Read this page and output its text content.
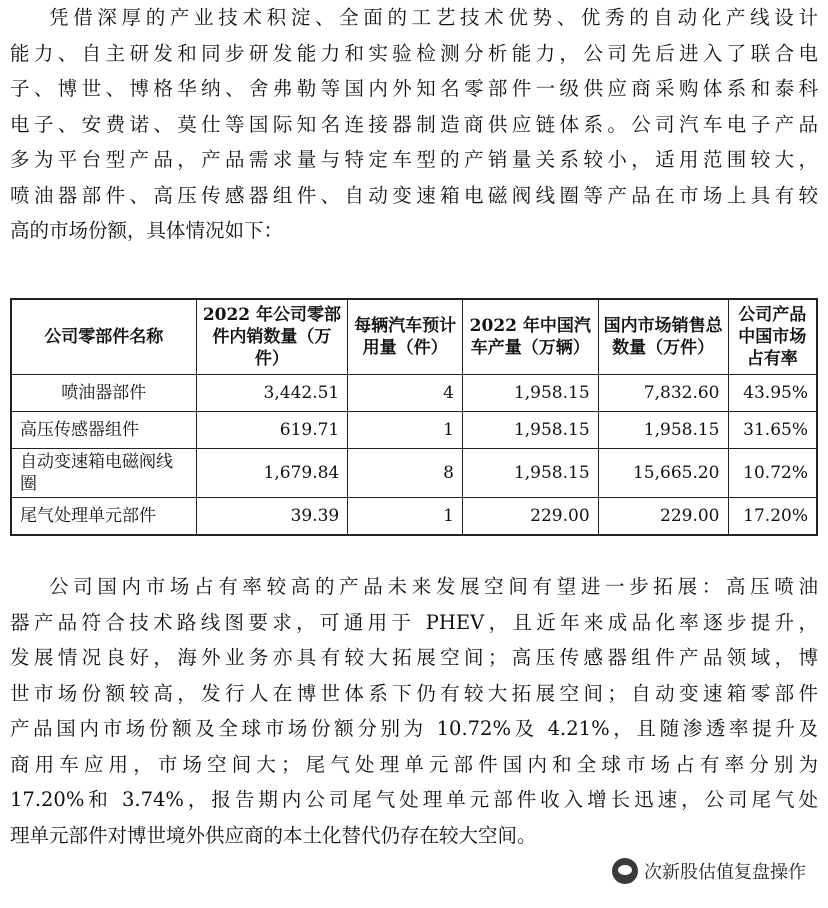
凭借深厚的产业技术积淀、全面的工艺技术优势、优秀的自动化产线设计
能力、自主研发和同步研发能力和实验检测分析能力，公司先后进入了联合电
子、博世、博格华纳、舍弗勒等国内外知名零部件一级供应商采购体系和泰科
电子、安费诺、莫仕等国际知名连接器制造商供应链体系。公司汽车电子产品
多为平台型产品，产品需求量与特定车型的产销量关系较小，适用范围较大，
喷油器部件、高压传感器组件、自动变速箱电磁阀线圈等产品在市场上具有较
高的市场份额，具体情况如下：
公司零部件名称	2022 年公司零部件内销数量（万件）	每辆汽车预计用量（件）	2022 年中国汽车产量（万辆）	国内市场销售总数量（万件）	公司产品中国市场占有率
喷油器部件	3,442.51	4	1,958.15	7,832.60	43.95%
高压传感器组件	619.71	1	1,958.15	1,958.15	31.65%
自动变速箱电磁阀线圈	1,679.84	8	1,958.15	15,665.20	10.72%
尾气处理单元部件	39.39	1	229.00	229.00	17.20%
公司国内市场占有率较高的产品未来发展空间有望进一步拓展：高压喷油
器产品符合技术路线图要求，可通用于 PHEV，且近年来成品化率逐步提升，
发展情况良好，海外业务亦具有较大拓展空间；高压传感器组件产品领域，博
世市场份额较高，发行人在博世体系下仍有较大拓展空间；自动变速箱零部件
产品国内市场份额及全球市场份额分别为 10.72%及 4.21%，且随渗透率提升及
商用车应用，市场空间大；尾气处理单元部件国内和全球市场占有率分别为
17.20%和 3.74%，报告期内公司尾气处理单元部件收入增长迅速，公司尾气处
理单元部件对博世境外供应商的本土化替代仍存在较大空间。
次新股估值复盘操作
